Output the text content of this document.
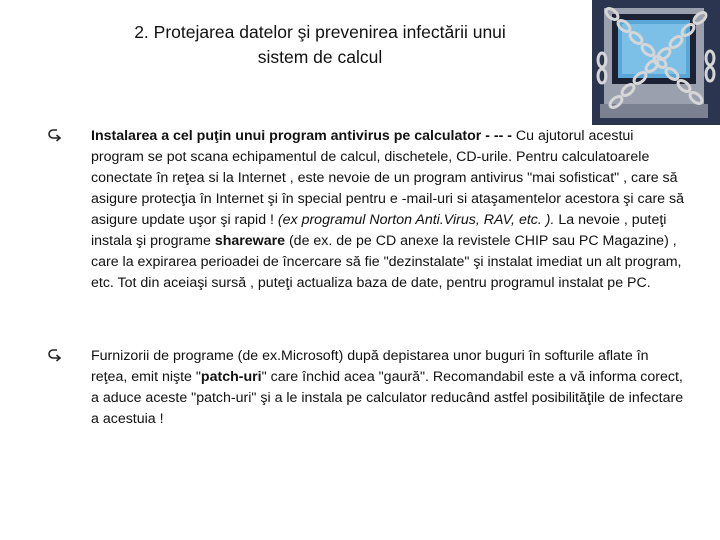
2. Protejarea datelor şi prevenirea infectării unui
sistem de calcul
Instalarea a cel puţin unui program antivirus pe calculator - -- - Cu ajutorul acestui program se pot scana echipamentul de calcul, dischetele, CD-urile. Pentru calculatoarele conectate în reţea si la Internet , este nevoie de un program antivirus "mai sofisticat" , care să asigure protecţia în Internet şi în special pentru e -mail-uri si ataşamentelor acestora şi care să asigure update uşor şi rapid ! (ex programul Norton Anti.Virus, RAV, etc. ). La nevoie , puteţi instala şi programe shareware (de ex. de pe CD anexe la revistele CHIP sau PC Magazine) , care la expirarea perioadei de încercare să fie "dezinstalate" şi instalat imediat un alt program, etc. Tot din aceiaşi sursă , puteţi actualiza baza de date, pentru programul instalat pe PC.
Furnizorii de programe (de ex.Microsoft) după depistarea unor buguri în softurile aflate în reţea, emit nişte "patch-uri" care închid acea "gaură". Recomandabil este a vă informa corect, a aduce aceste "patch-uri" şi a le instala pe calculator reducând astfel posibilităţile de infectare a acestuia !
